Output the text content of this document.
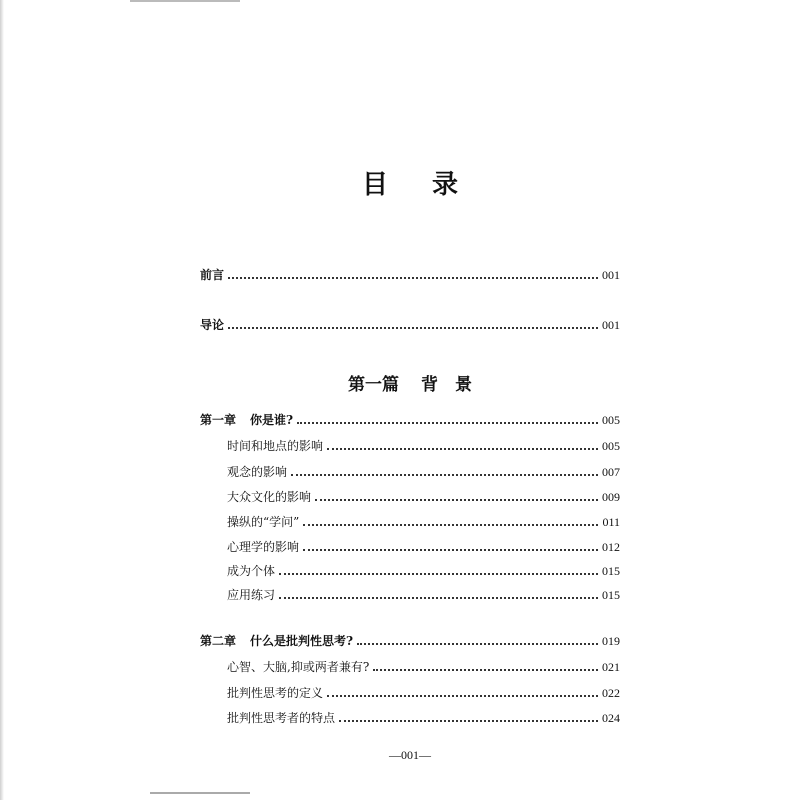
目录
前言	001
导论	001
第一篇 背　景
第一章 你是谁?	005
时间和地点的影响	005
观念的影响	007
大众文化的影响	009
操纵的“学问”	011
心理学的影响	012
成为个体	015
应用练习	015
第二章 什么是批判性思考?	019
心智、大脑,抑或两者兼有?	021
批判性思考的定义	022
批判性思考者的特点	024
—001—
